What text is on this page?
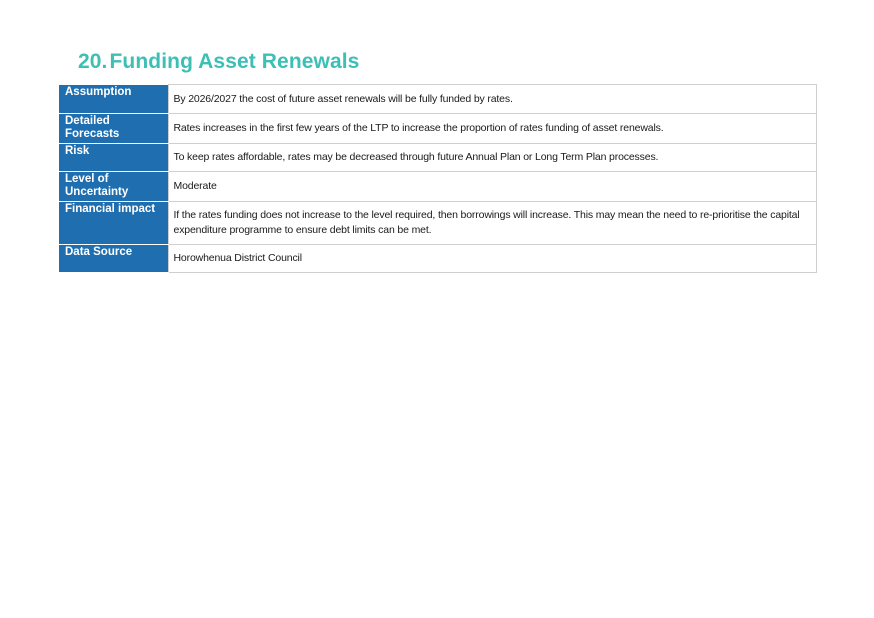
20.Funding Asset Renewals
Assumption	By 2026/2027 the cost of future asset renewals will be fully funded by rates.
Detailed Forecasts	Rates increases in the first few years of the LTP to increase the proportion of rates funding of asset renewals.
Risk	To keep rates affordable, rates may be decreased through future Annual Plan or Long Term Plan processes.
Level of Uncertainty	Moderate
Financial impact	If the rates funding does not increase to the level required, then borrowings will increase. This may mean the need to re-prioritise the capital expenditure programme to ensure debt limits can be met.
Data Source	Horowhenua District Council
